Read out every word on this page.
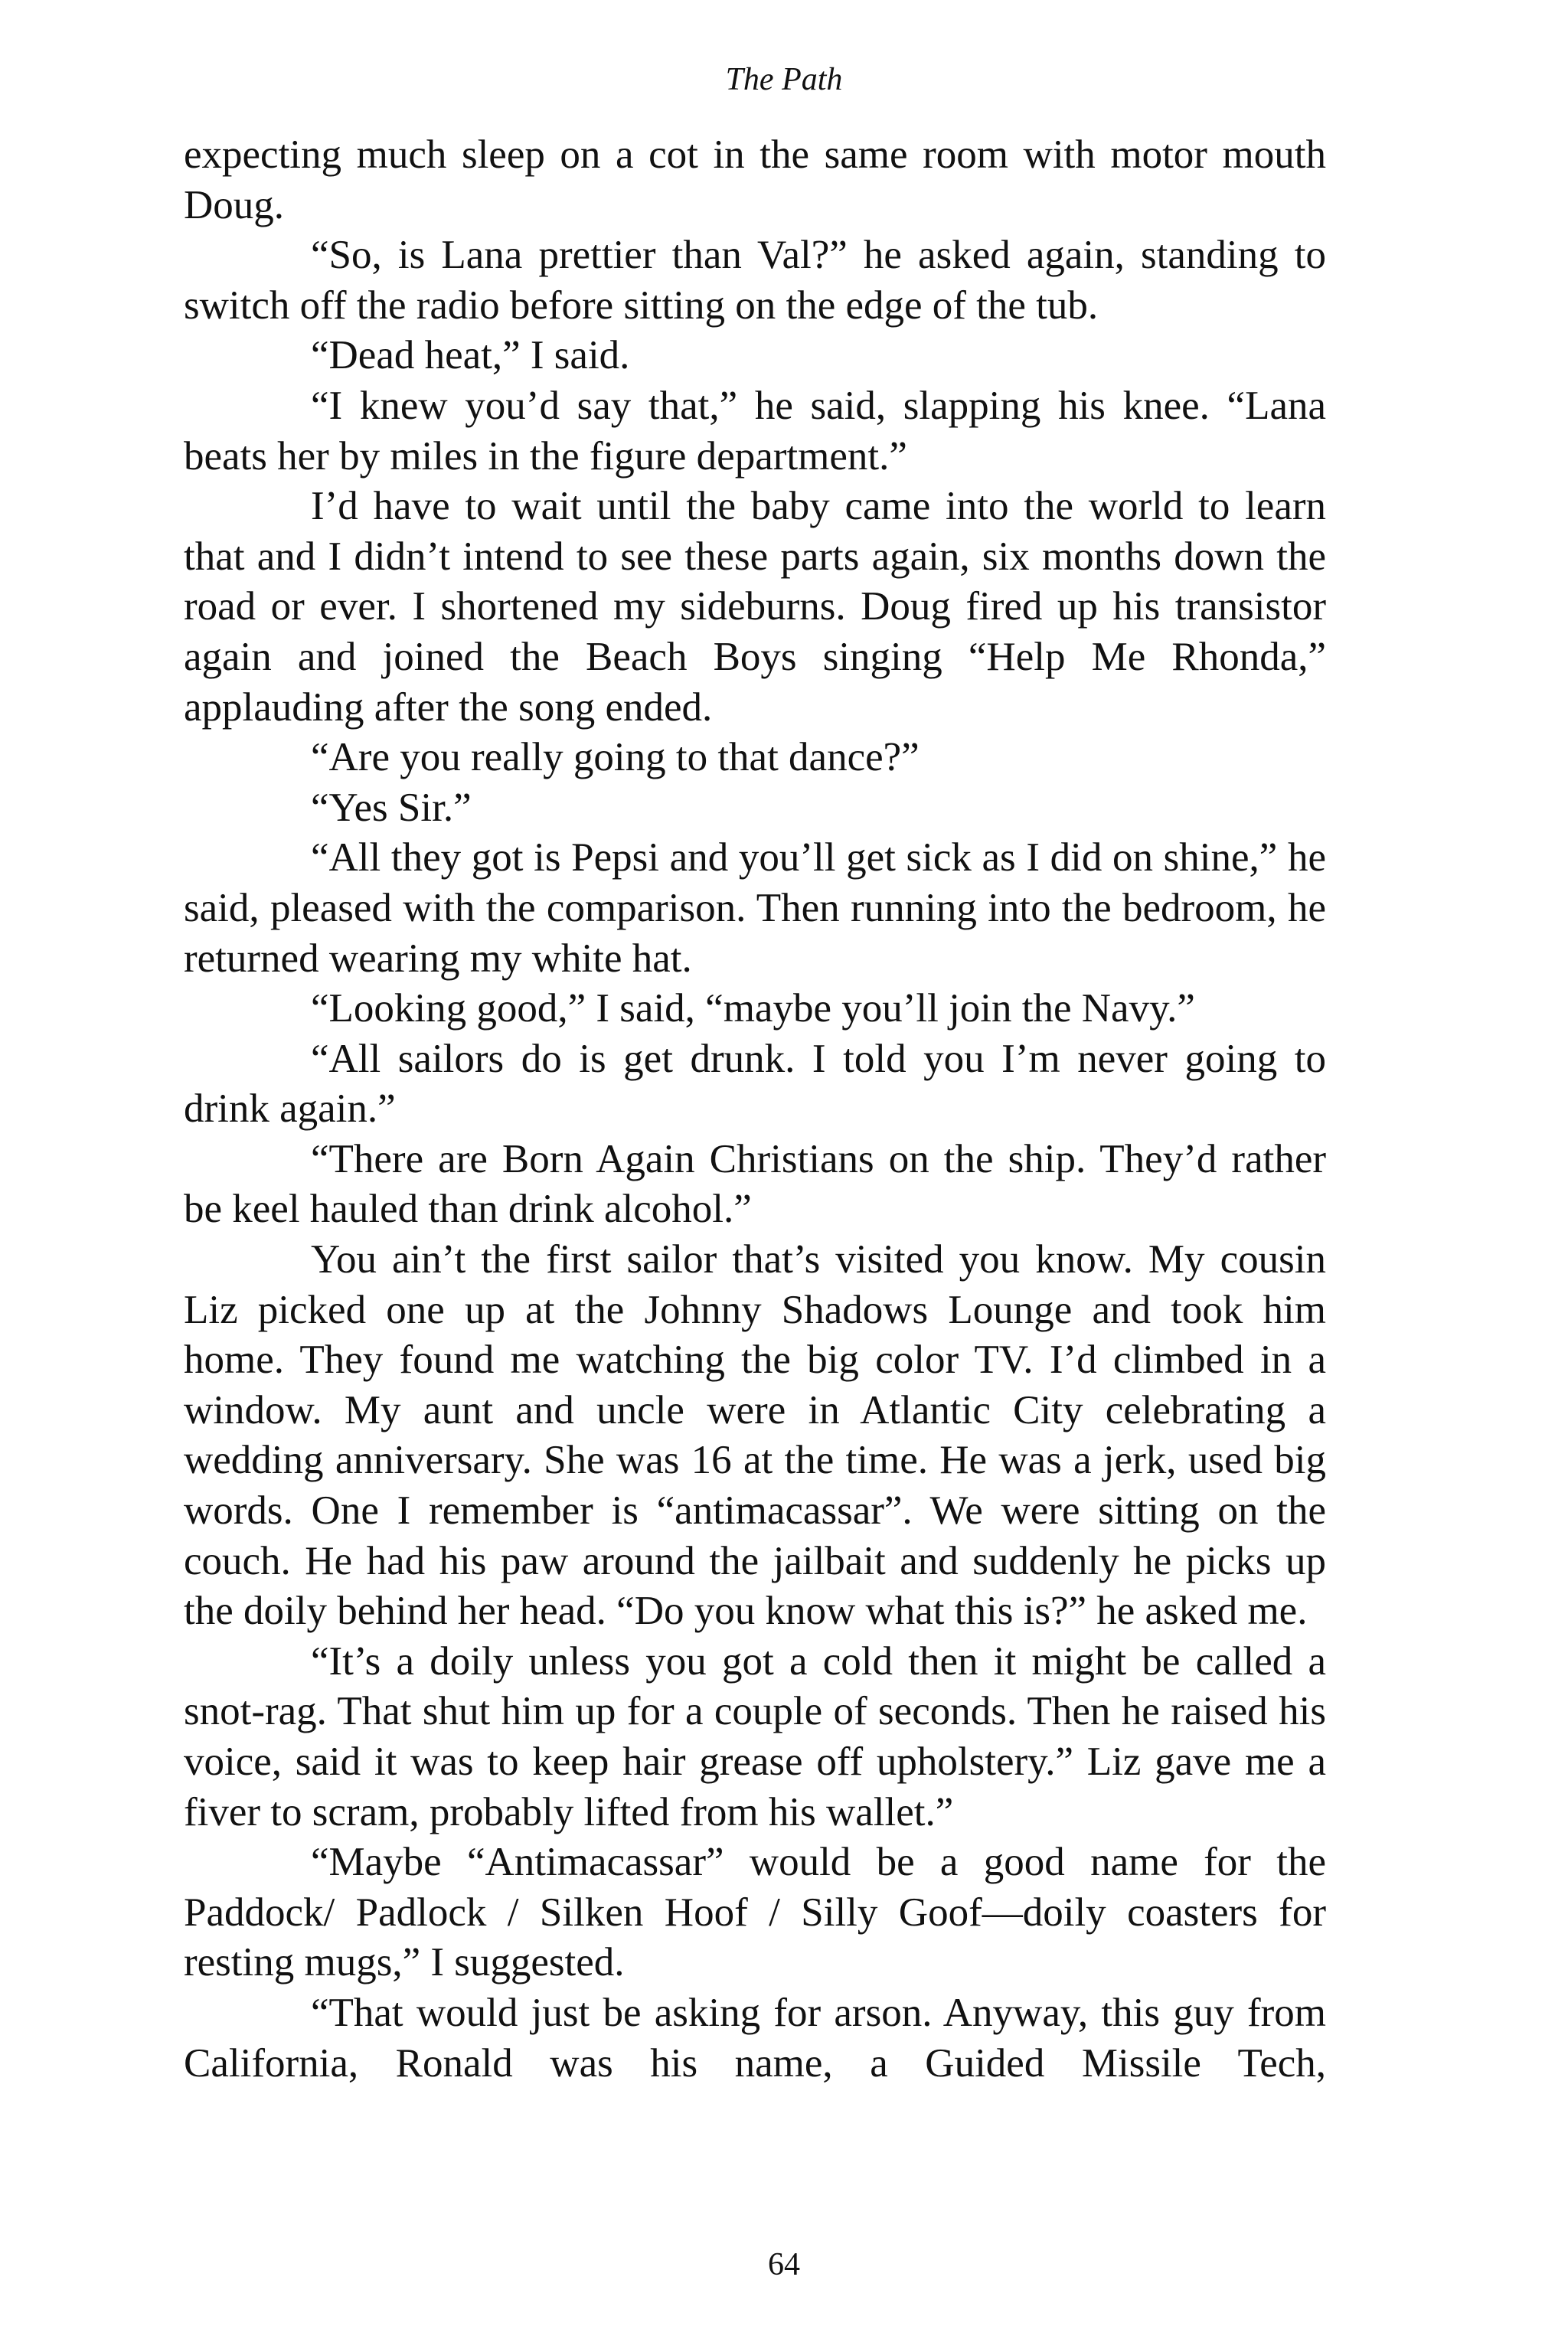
The Path

expecting much sleep on a cot in the same room with motor mouth Doug.

“So, is Lana prettier than Val?” he asked again, standing to switch off the radio before sitting on the edge of the tub.

“Dead heat,” I said.

“I knew you’d say that,” he said, slapping his knee. “Lana beats her by miles in the figure department.”

I’d have to wait until the baby came into the world to learn that and I didn’t intend to see these parts again, six months down the road or ever. I shortened my sideburns. Doug fired up his transistor again and joined the Beach Boys singing “Help Me Rhonda,” applauding after the song ended.

“Are you really going to that dance?”

“Yes Sir.”

“All they got is Pepsi and you’ll get sick as I did on shine,” he said, pleased with the comparison. Then running into the bedroom, he returned wearing my white hat.

“Looking good,” I said, “maybe you’ll join the Navy.”

“All sailors do is get drunk. I told you I’m never going to drink again.”

“There are Born Again Christians on the ship. They’d rather be keel hauled than drink alcohol.”

You ain’t the first sailor that’s visited you know. My cousin Liz picked one up at the Johnny Shadows Lounge and took him home. They found me watching the big color TV. I’d climbed in a window. My aunt and uncle were in Atlantic City celebrating a wedding anniversary. She was 16 at the time. He was a jerk, used big words. One I remember is “antimacassar”. We were sitting on the couch. He had his paw around the jailbait and suddenly he picks up the doily behind her head. “Do you know what this is?” he asked me.

“It’s a doily unless you got a cold then it might be called a snot-rag. That shut him up for a couple of seconds. Then he raised his voice, said it was to keep hair grease off upholstery.” Liz gave me a fiver to scram, probably lifted from his wallet.”

“Maybe “Antimacassar” would be a good name for the Paddock/ Padlock / Silken Hoof / Silly Goof—doily coasters for resting mugs,” I suggested.

“That would just be asking for arson. Anyway, this guy from California, Ronald was his name, a Guided Missile Tech,

64
